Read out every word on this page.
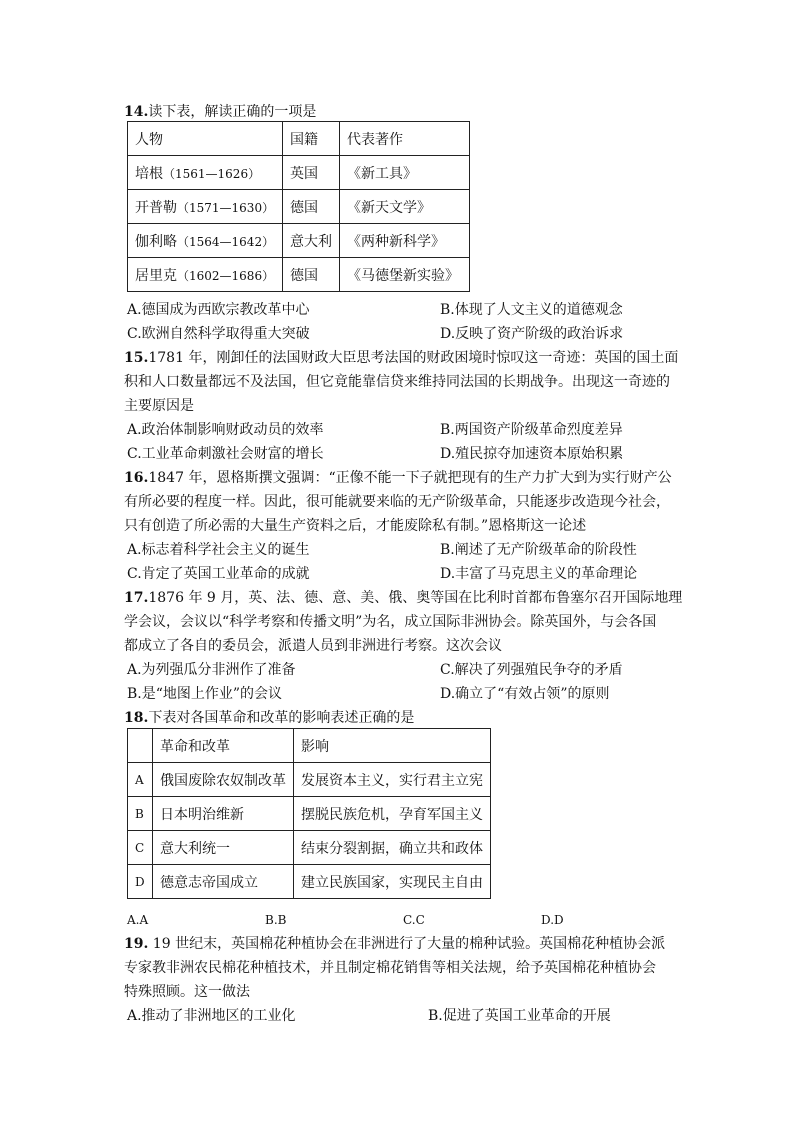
14.读下表，解读正确的一项是
人物	国籍	代表著作
培根（1561—1626）	英国	《新工具》
开普勒（1571—1630）	德国	《新天文学》
伽利略（1564—1642）	意大利	《两种新科学》
居里克（1602—1686）	德国	《马德堡新实验》
A.德国成为西欧宗教改革中心	B.体现了人文主义的道德观念
C.欧洲自然科学取得重大突破	D.反映了资产阶级的政治诉求
15.1781 年，刚卸任的法国财政大臣思考法国的财政困境时惊叹这一奇迹：英国的国土面
积和人口数量都远不及法国，但它竟能靠信贷来维持同法国的长期战争。出现这一奇迹的
主要原因是
A.政治体制影响财政动员的效率	B.两国资产阶级革命烈度差异
C.工业革命刺激社会财富的增长	D.殖民掠夺加速资本原始积累
16.1847 年，恩格斯撰文强调：“正像不能一下子就把现有的生产力扩大到为实行财产公
有所必要的程度一样。因此，很可能就要来临的无产阶级革命，只能逐步改造现今社会，
只有创造了所必需的大量生产资料之后，才能废除私有制。”恩格斯这一论述
A.标志着科学社会主义的诞生	B.阐述了无产阶级革命的阶段性
C.肯定了英国工业革命的成就	D.丰富了马克思主义的革命理论
17.1876 年 9 月，英、法、德、意、美、俄、奥等国在比利时首都布鲁塞尔召开国际地理
学会议，会议以“科学考察和传播文明”为名，成立国际非洲协会。除英国外，与会各国
都成立了各自的委员会，派遣人员到非洲进行考察。这次会议
A.为列强瓜分非洲作了准备	C.解决了列强殖民争夺的矛盾
B.是“地图上作业”的会议	D.确立了“有效占领”的原则
18.下表对各国革命和改革的影响表述正确的是
	革命和改革	影响
A	俄国废除农奴制改革	发展资本主义，实行君主立宪
B	日本明治维新	摆脱民族危机，孕育军国主义
C	意大利统一	结束分裂割据，确立共和政体
D	德意志帝国成立	建立民族国家，实现民主自由
A.A	B.B	C.C	D.D
19. 19 世纪末，英国棉花种植协会在非洲进行了大量的棉种试验。英国棉花种植协会派
专家教非洲农民棉花种植技术，并且制定棉花销售等相关法规，给予英国棉花种植协会
特殊照顾。这一做法
A.推动了非洲地区的工业化	B.促进了英国工业革命的开展
